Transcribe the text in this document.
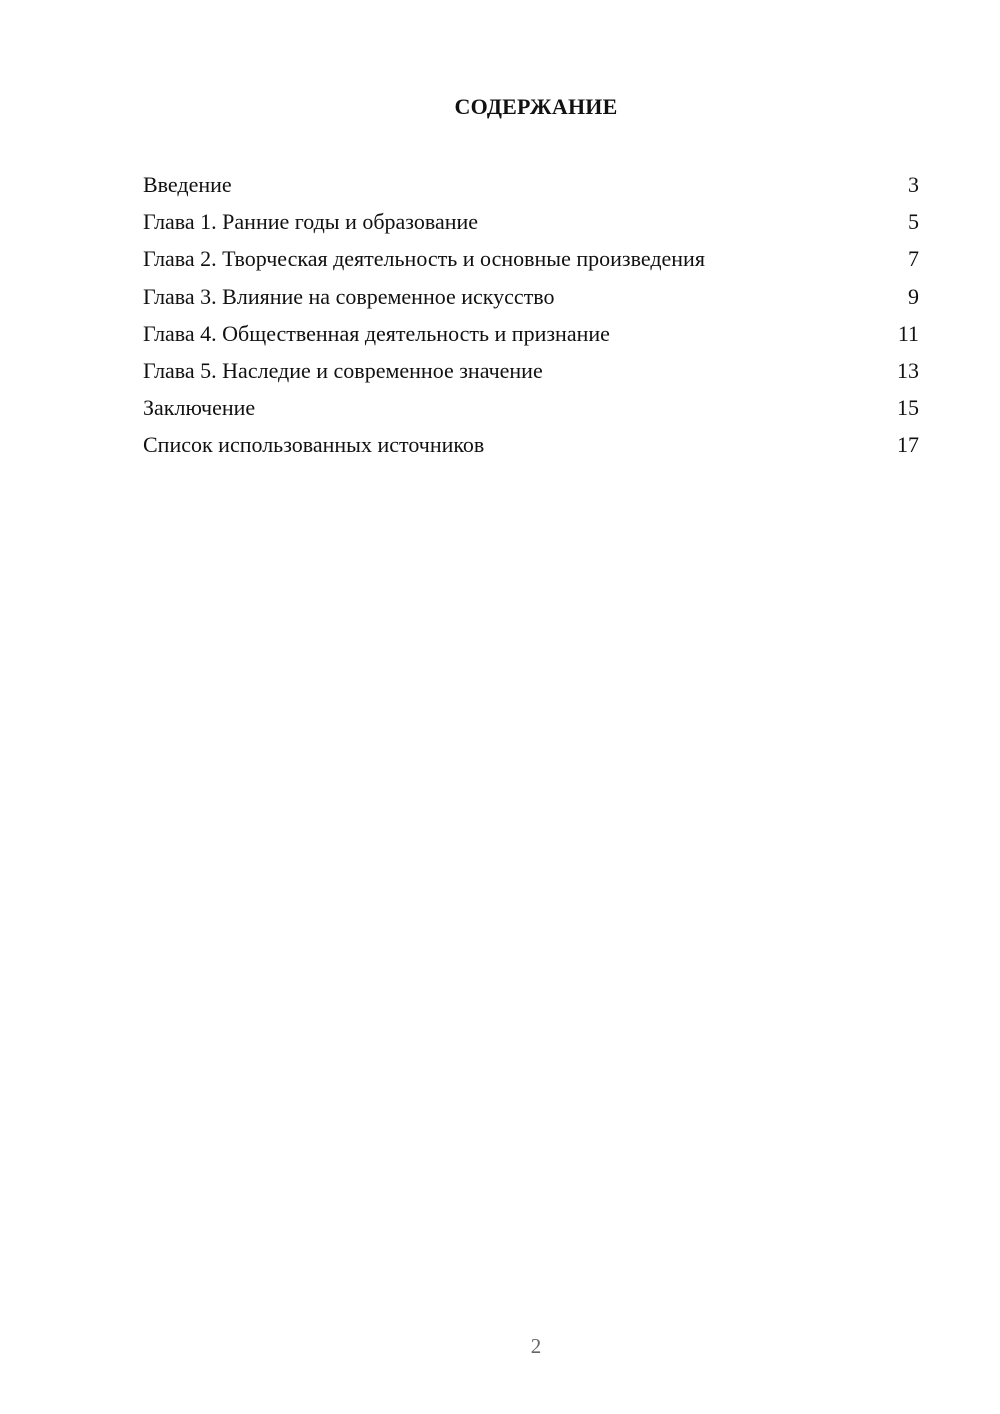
СОДЕРЖАНИЕ
Введение	3
Глава 1. Ранние годы и образование	5
Глава 2. Творческая деятельность и основные произведения	7
Глава 3. Влияние на современное искусство	9
Глава 4. Общественная деятельность и признание	11
Глава 5. Наследие и современное значение	13
Заключение	15
Список использованных источников	17
2
